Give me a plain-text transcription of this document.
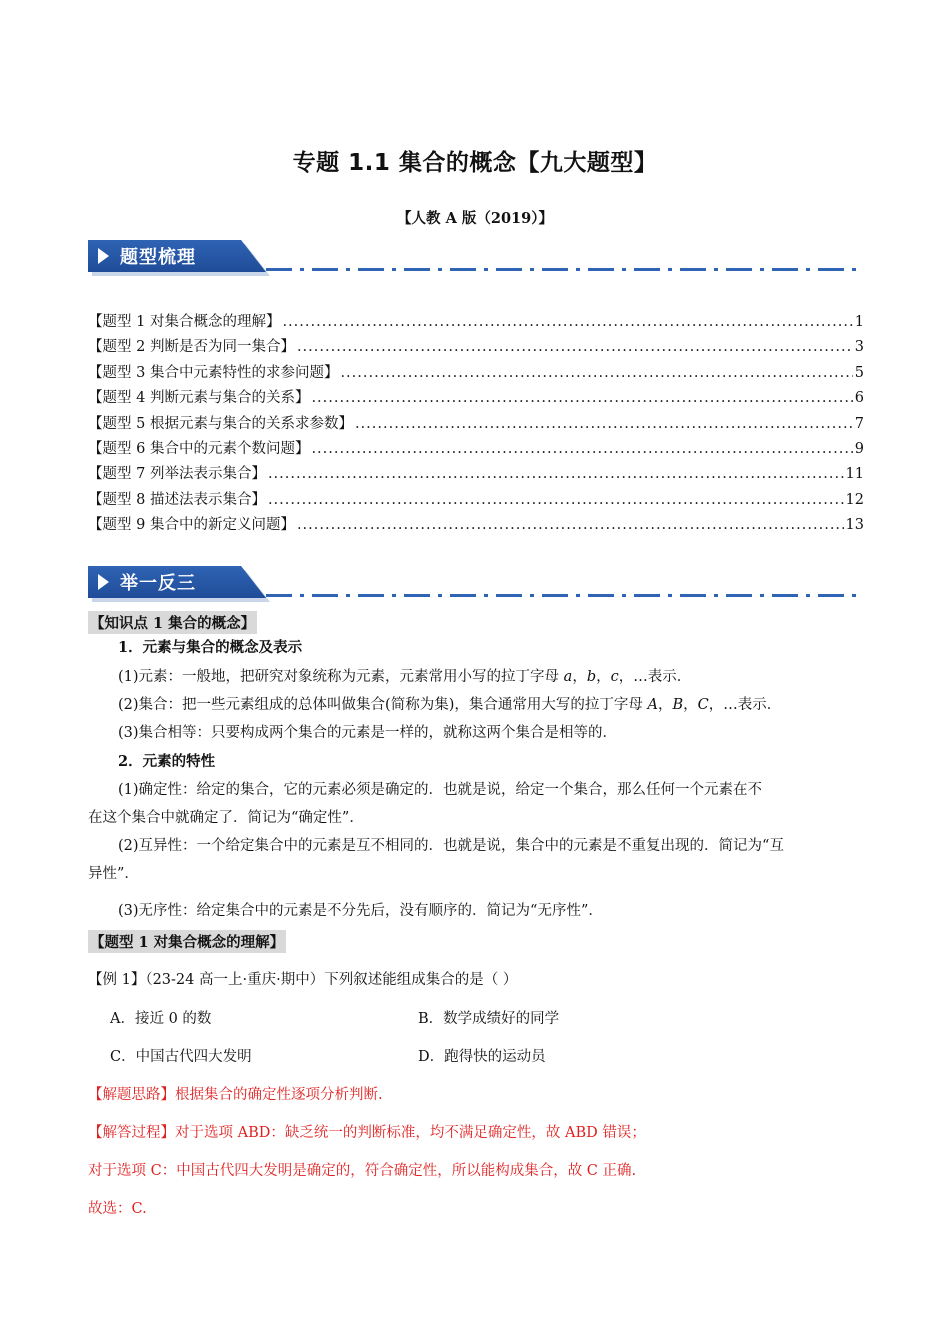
专题 1.1 集合的概念【九大题型】
【人教 A 版（2019）】
题型梳理
【题型 1 对集合概念的理解】 .....	1
【题型 2 判断是否为同一集合】 .....	3
【题型 3 集合中元素特性的求参问题】 .....	5
【题型 4 判断元素与集合的关系】 .....	6
【题型 5 根据元素与集合的关系求参数】 .....	7
【题型 6 集合中的元素个数问题】 .....	9
【题型 7 列举法表示集合】 .....	11
【题型 8 描述法表示集合】 .....	12
【题型 9 集合中的新定义问题】 .....	13
举一反三
【知识点 1 集合的概念】
1．元素与集合的概念及表示
(1)元素：一般地，把研究对象统称为元素，元素常用小写的拉丁字母 a，b，c，…表示．
(2)集合：把一些元素组成的总体叫做集合(简称为集)，集合通常用大写的拉丁字母 A，B，C，…表示．
(3)集合相等：只要构成两个集合的元素是一样的，就称这两个集合是相等的．
2．元素的特性
(1)确定性：给定的集合，它的元素必须是确定的．也就是说，给定一个集合，那么任何一个元素在不
在这个集合中就确定了．简记为“确定性”．
(2)互异性：一个给定集合中的元素是互不相同的．也就是说，集合中的元素是不重复出现的．简记为“互
异性”．
(3)无序性：给定集合中的元素是不分先后，没有顺序的．简记为“无序性”．
【题型 1 对集合概念的理解】
【例 1】（23-24 高一上·重庆·期中）下列叙述能组成集合的是（ ）
A．接近 0 的数	B．数学成绩好的同学
C．中国古代四大发明	D．跑得快的运动员
【解题思路】根据集合的确定性逐项分析判断.
【解答过程】对于选项 ABD：缺乏统一的判断标准，均不满足确定性，故 ABD 错误；
对于选项 C：中国古代四大发明是确定的，符合确定性，所以能构成集合，故 C 正确.
故选：C.
